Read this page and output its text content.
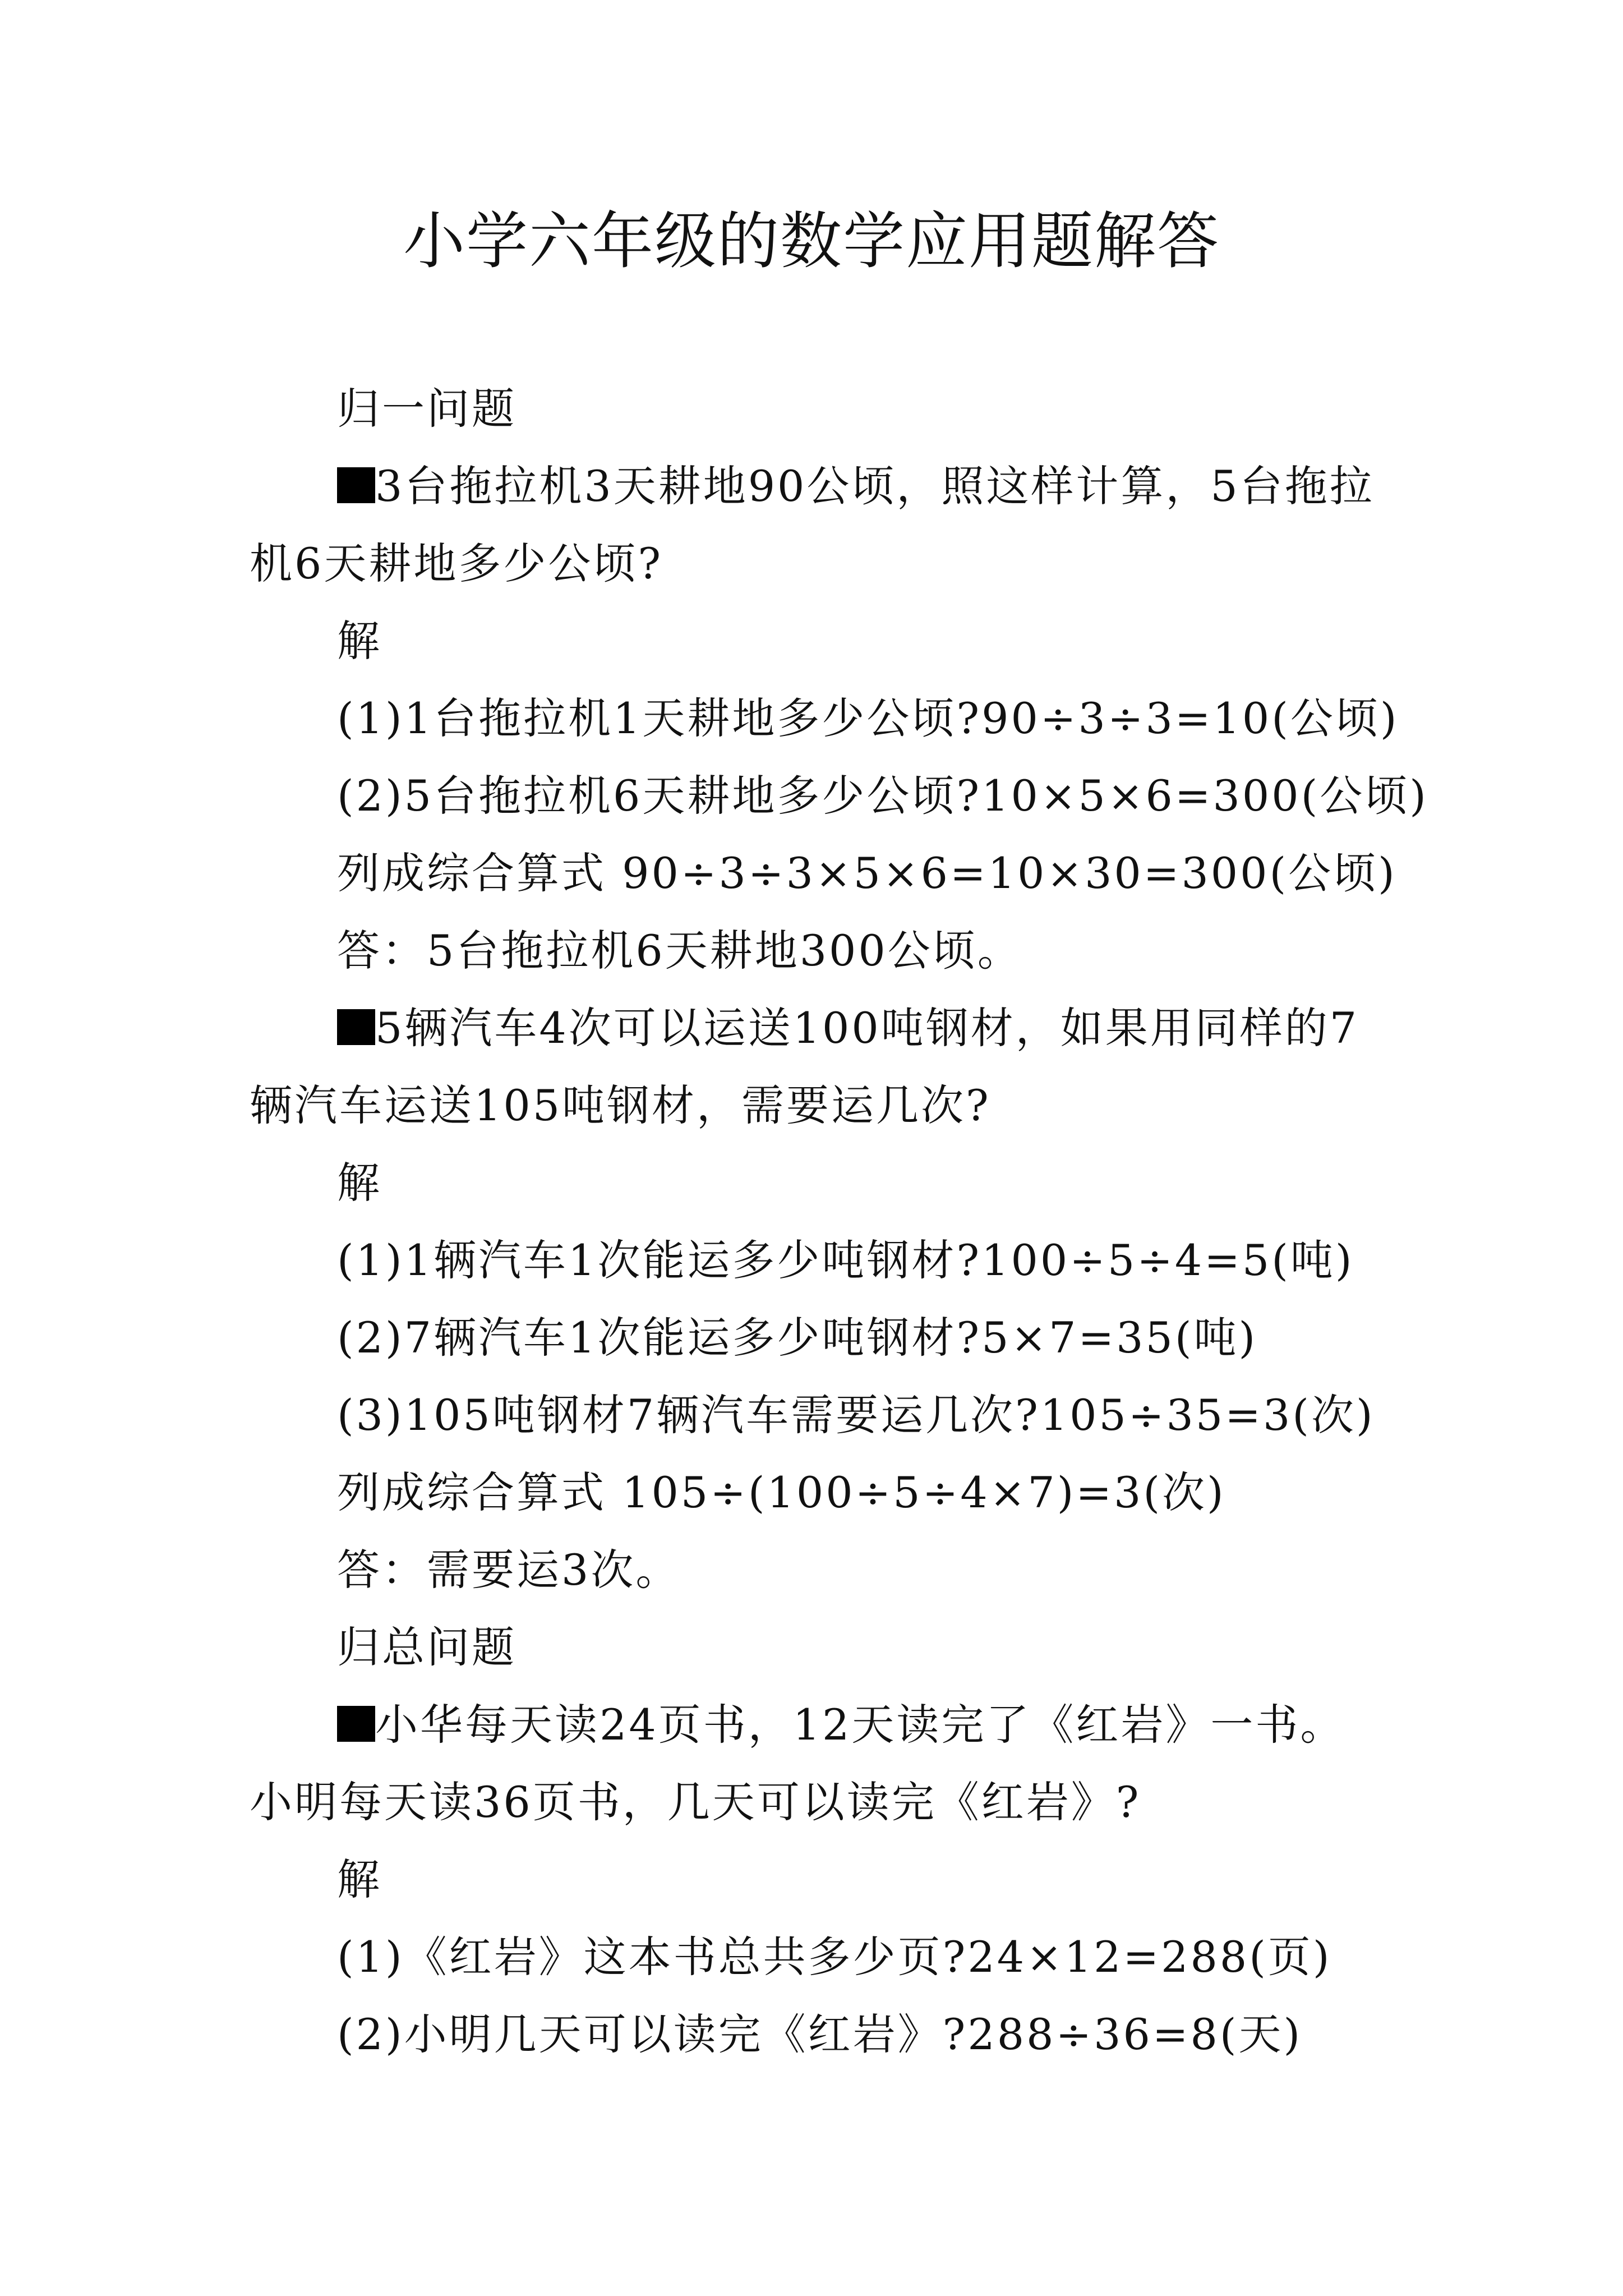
小学六年级的数学应用题解答
归一问题
3台拖拉机3天耕地90公顷，照这样计算，5台拖拉机6天耕地多少公顷?
解
(1)1台拖拉机1天耕地多少公顷?90÷3÷3=10(公顷)
(2)5台拖拉机6天耕地多少公顷?10×5×6=300(公顷)
列成综合算式 90÷3÷3×5×6=10×30=300(公顷)
答：5台拖拉机6天耕地300公顷。
5辆汽车4次可以运送100吨钢材，如果用同样的7辆汽车运送105吨钢材，需要运几次?
解
(1)1辆汽车1次能运多少吨钢材?100÷5÷4=5(吨)
(2)7辆汽车1次能运多少吨钢材?5×7=35(吨)
(3)105吨钢材7辆汽车需要运几次?105÷35=3(次)
列成综合算式 105÷(100÷5÷4×7)=3(次)
答：需要运3次。
归总问题
小华每天读24页书，12天读完了《红岩》一书。小明每天读36页书，几天可以读完《红岩》?
解
(1)《红岩》这本书总共多少页?24×12=288(页)
(2)小明几天可以读完《红岩》?288÷36=8(天)
